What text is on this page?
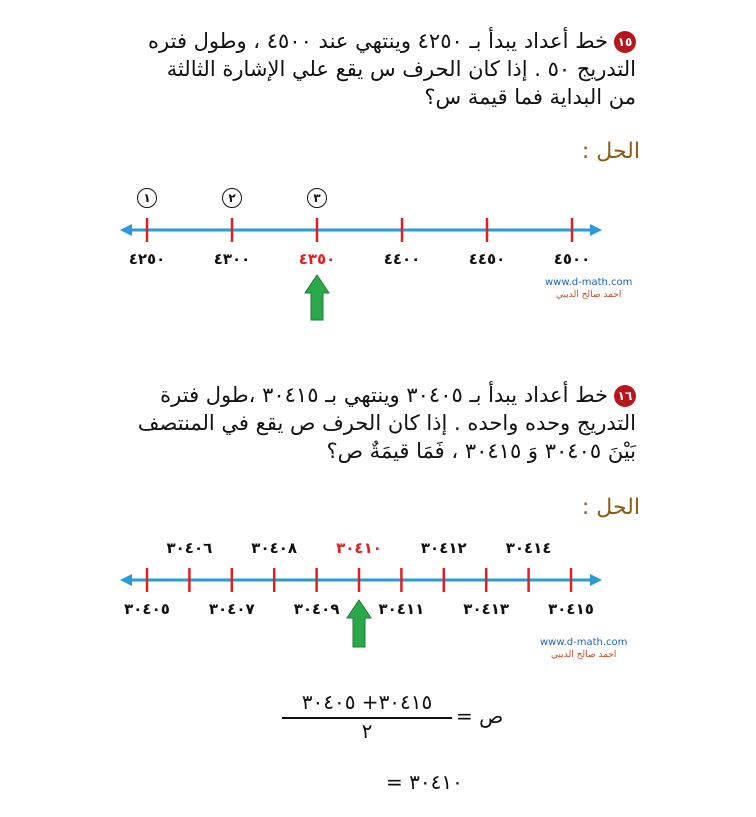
١٥خط أعداد يبدأ بـ ٤٢٥٠ وينتهي عند ٤٥٠٠ ، وطول فتره
التدريج ٥٠ . إذا كان الحرف س يقع علي الإشارة الثالثة
من البداية فما قيمة س؟
الحل :
٤٢٥٠	٤٣٠٠	٤٣٥٠	٤٤٠٠	٤٤٥٠	٤٥٠٠
١	٢	٣
٣٠٤٠٥	٣٠٤٠٧	٣٠٤٠٩	٣٠٤١١	٣٠٤١٣	٣٠٤١٥
٣٠٤٠٦	٣٠٤٠٨	٣٠٤١٠	٣٠٤١٢	٣٠٤١٤
www.d-math.com
احمد صالح الديبي
١٦خط أعداد يبدأ بـ ٣٠٤٠٥ وينتهي بـ ٣٠٤١٥ ،طول فترة
التدريج وحده واحده . إذا كان الحرف ص يقع في المنتصف
بَيْنَ ٣٠٤٠٥ وَ ٣٠٤١٥ ، فَمَا قيمَةٌ ص؟
الحل :
www.d-math.com
احمد صالح الديبي
٣٠٤١٥+ ٣٠٤٠٥
٢
ص =
٣٠٤١٠ =
